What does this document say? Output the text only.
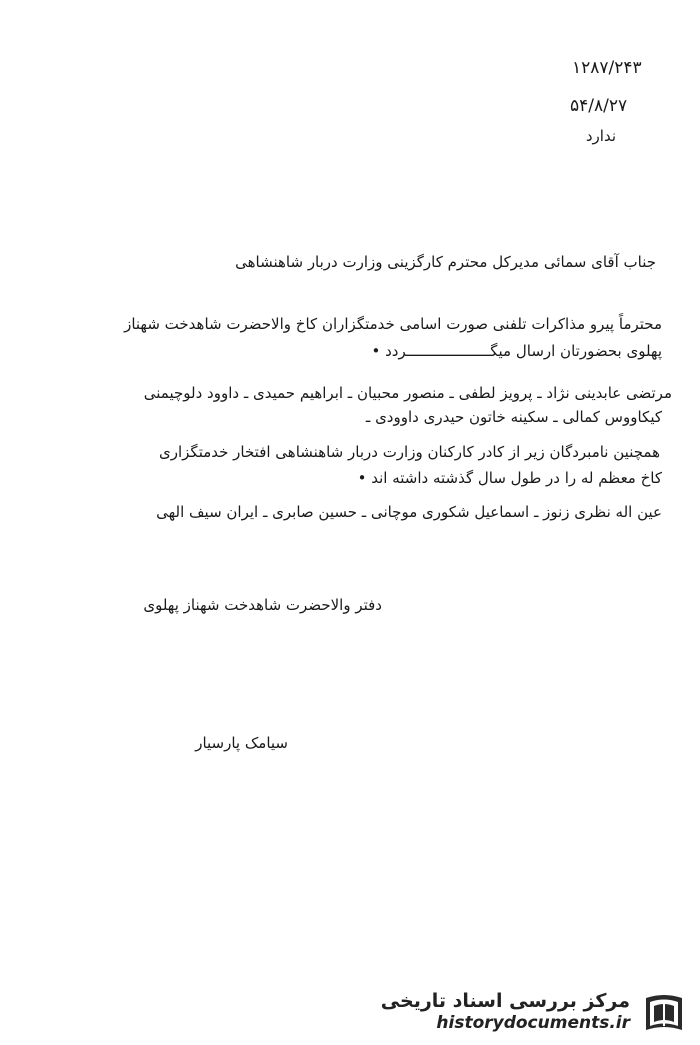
۱۲۸۷/۲۴۳
۵۴/۸/۲۷
ندارد
جناب آقای سمائی مدیرکل محترم کارگزینی وزارت دربار شاهنشاهی
محترماً پیرو مذاکرات تلفنی صورت اسامی خدمتگزاران کاخ والاحضرت شاهدخت شهناز
پهلوی بحضورتان ارسال میگـــــــــــــــــــردد •
مرتضی عابدینی نژاد ـ پرویز لطفی ـ منصور محبیان ـ ابراهیم حمیدی ـ داوود دلوچیمنی
کیکاووس کمالی ـ سکینه خاتون حیدری داوودی ـ
همچنین نامبردگان زیر از کادر کارکنان وزارت دربار شاهنشاهی افتخار خدمتگزاری
کاخ معظم له را در طول سال گذشته داشته اند •
عین اله نظری زنوز ـ اسماعیل شکوری موچانی ـ حسین صابری ـ ایران سیف الهی
دفتر والاحضرت شاهدخت شهناز پهلوی
سیامک پارسیار
مرکز بررسی اسناد تاریخی
historydocuments.ir
